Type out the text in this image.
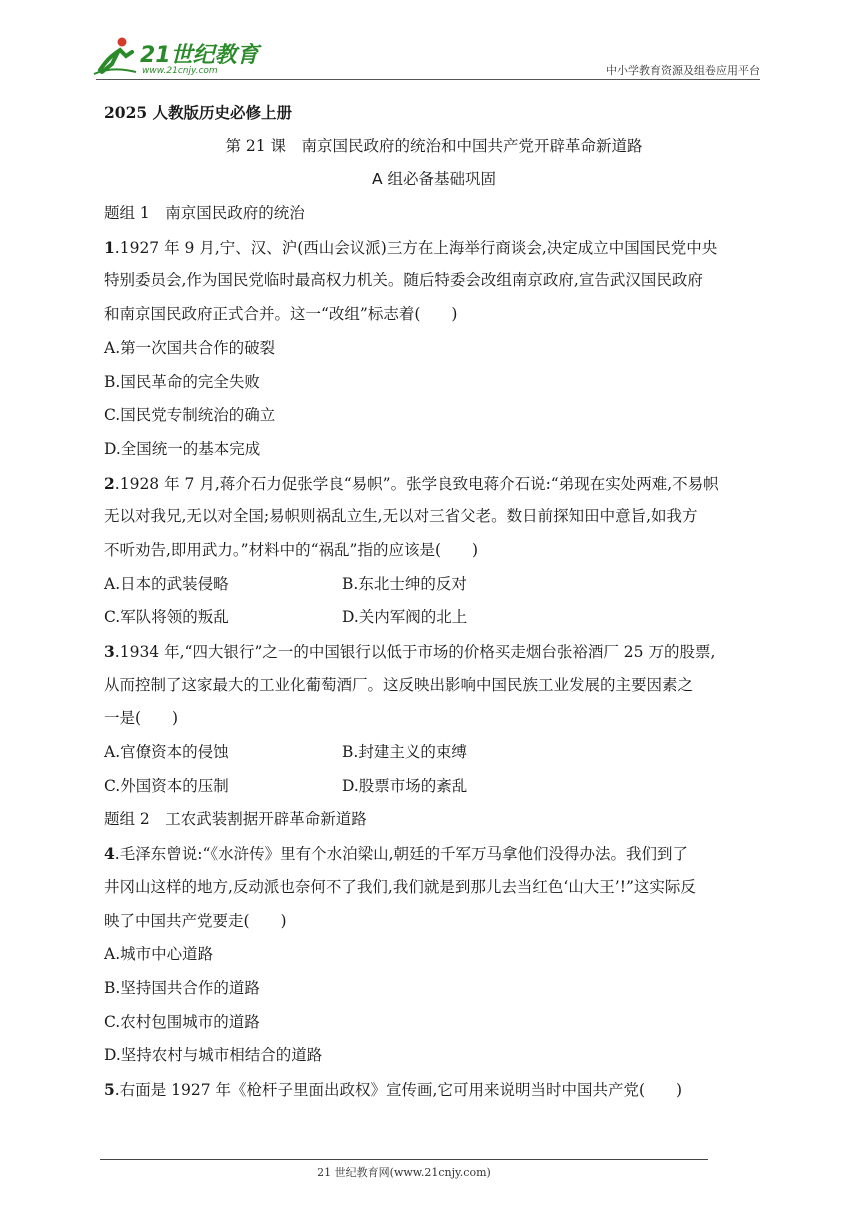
21世纪教育
www.21cnjy.com	中小学教育资源及组卷应用平台
2025 人教版历史必修上册
第 21 课　南京国民政府的统治和中国共产党开辟革命新道路
A 组必备基础巩固
题组 1　南京国民政府的统治
1.1927 年 9 月,宁、汉、沪(西山会议派)三方在上海举行商谈会,决定成立中国国民党中央
特别委员会,作为国民党临时最高权力机关。随后特委会改组南京政府,宣告武汉国民政府
和南京国民政府正式合并。这一“改组”标志着(　　)
A.第一次国共合作的破裂
B.国民革命的完全失败
C.国民党专制统治的确立
D.全国统一的基本完成
2.1928 年 7 月,蒋介石力促张学良“易帜”。张学良致电蒋介石说:“弟现在实处两难,不易帜
无以对我兄,无以对全国;易帜则祸乱立生,无以对三省父老。数日前探知田中意旨,如我方
不听劝告,即用武力。”材料中的“祸乱”指的应该是(　　)
A.日本的武装侵略	B.东北士绅的反对
C.军队将领的叛乱	D.关内军阀的北上
3.1934 年,“四大银行”之一的中国银行以低于市场的价格买走烟台张裕酒厂 25 万的股票,
从而控制了这家最大的工业化葡萄酒厂。这反映出影响中国民族工业发展的主要因素之
一是(　　)
A.官僚资本的侵蚀	B.封建主义的束缚
C.外国资本的压制	D.股票市场的紊乱
题组 2　工农武装割据开辟革命新道路
4.毛泽东曾说:“《水浒传》里有个水泊梁山,朝廷的千军万马拿他们没得办法。我们到了
井冈山这样的地方,反动派也奈何不了我们,我们就是到那儿去当红色‘山大王’!”这实际反
映了中国共产党要走(　　)
A.城市中心道路
B.坚持国共合作的道路
C.农村包围城市的道路
D.坚持农村与城市相结合的道路
5.右面是 1927 年《枪杆子里面出政权》宣传画,它可用来说明当时中国共产党(　　)
21 世纪教育网(www.21cnjy.com)
